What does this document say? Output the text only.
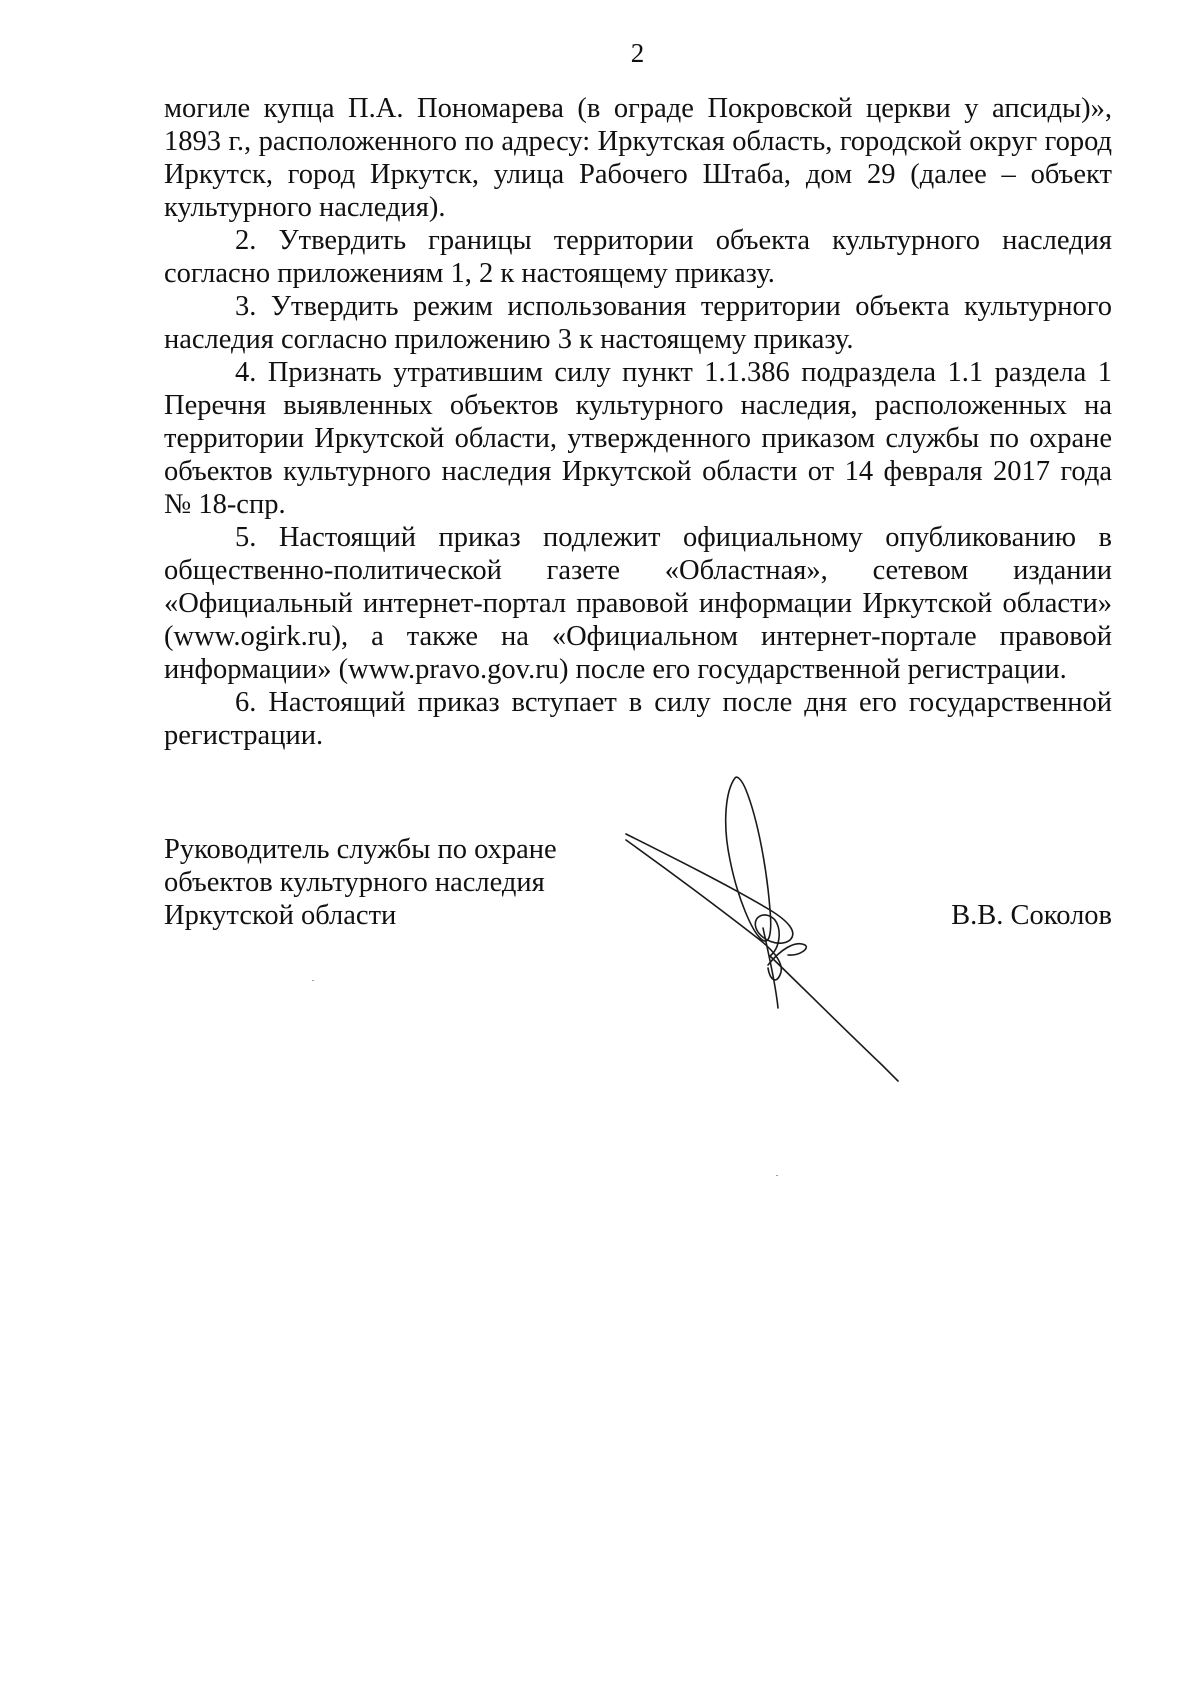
2

могиле купца П.А. Пономарева (в ограде Покровской церкви у апсиды)», 1893 г., расположенного по адресу: Иркутская область, городской округ город Иркутск, город Иркутск, улица Рабочего Штаба, дом 29 (далее – объект культурного наследия).

2. Утвердить границы территории объекта культурного наследия согласно приложениям 1, 2 к настоящему приказу.

3. Утвердить режим использования территории объекта культурного наследия согласно приложению 3 к настоящему приказу.

4. Признать утратившим силу пункт 1.1.386 подраздела 1.1 раздела 1 Перечня выявленных объектов культурного наследия, расположенных на территории Иркутской области, утвержденного приказом службы по охране объектов культурного наследия Иркутской области от 14 февраля 2017 года № 18-спр.

5. Настоящий приказ подлежит официальному опубликованию в общественно-политической газете «Областная», сетевом издании «Официальный интернет-портал правовой информации Иркутской области» (www.ogirk.ru), а также на «Официальном интернет-портале правовой информации» (www.pravo.gov.ru) после его государственной регистрации.

6. Настоящий приказ вступает в силу после дня его государственной регистрации.

Руководитель службы по охране
объектов культурного наследия
Иркутской области	В.В. Соколов
